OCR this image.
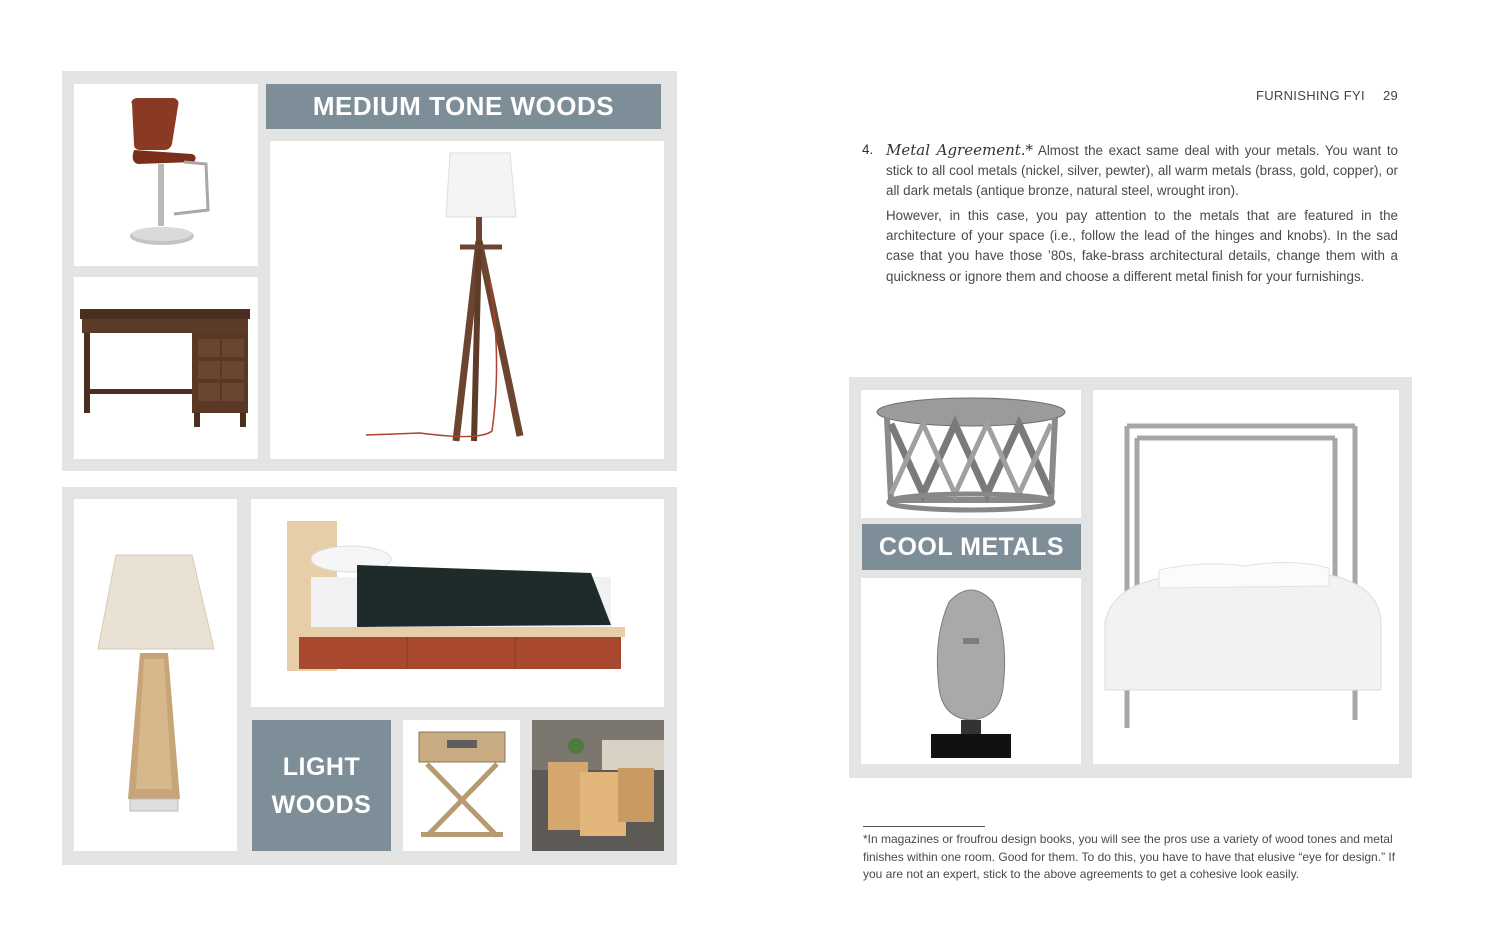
MEDIUM TONE WOODS
LIGHT
WOODS
FURNISHING FYI 29
4. Metal Agreement.* Almost the exact same deal with your metals. You want to stick to all cool metals (nickel, silver, pewter), all warm metals (brass, gold, copper), or all dark metals (antique bronze, natural steel, wrought iron).
However, in this case, you pay attention to the metals that are featured in the architecture of your space (i.e., follow the lead of the hinges and knobs). In the sad case that you have those ’80s, fake-brass architectural details, change them with a quickness or ignore them and choose a different metal finish for your furnishings.
COOL METALS
*In magazines or froufrou design books, you will see the pros use a variety of wood tones and metal finishes within one room. Good for them. To do this, you have to have that elusive “eye for design.” If you are not an expert, stick to the above agreements to get a cohesive look easily.
